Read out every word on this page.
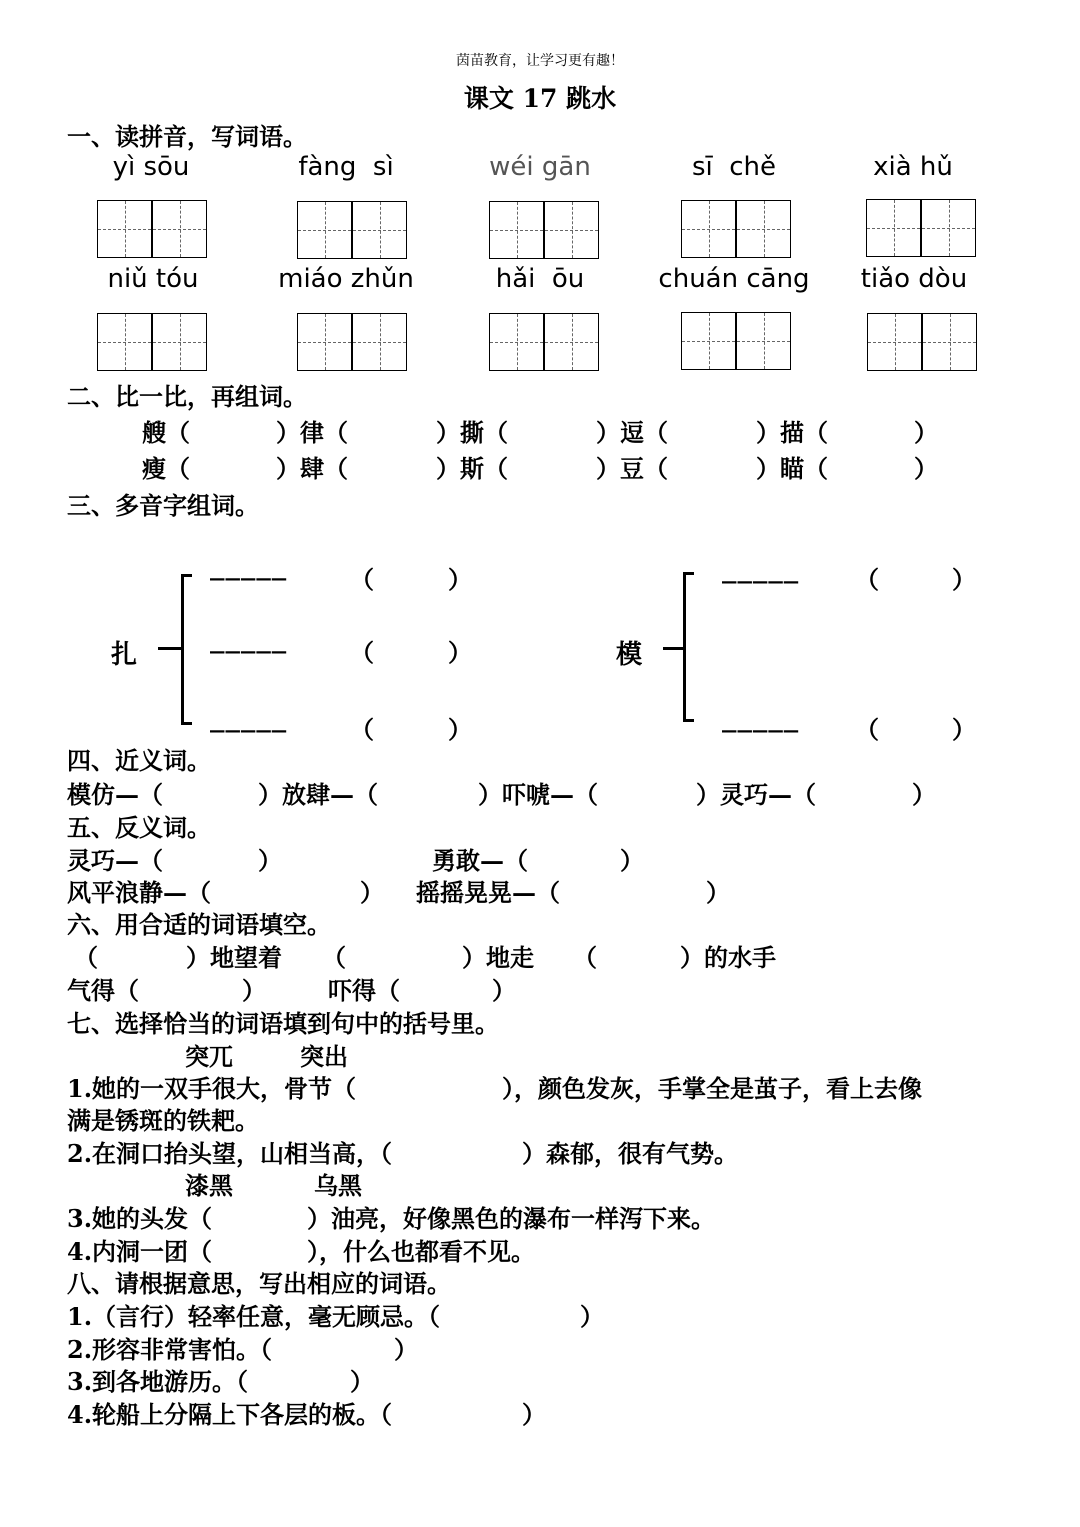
茵苗教育，让学习更有趣！
课文 17 跳水
一、读拼音，写词语。
yì sōu	fàng  sì	wéi gān	sī  chě	xià hǔ
niǔ tóu	miáo zhǔn	hǎi  ōu	chuán cāng	tiǎo dòu
二、比一比，再组词。
艘（	）律（	）撕（	）逗（	）描（	）
瘦（	）肆（	）斯（	）豆（	）瞄（	）
三、多音字组词。
扎
_____	（	）
_____	（	）
_____	（	）
模
_____ （	）
_____ （	）
四、近义词。
模仿—（	）放肆—（	）吓唬—（	）灵巧—（	）
五、反义词。
灵巧—（	）	勇敢—（	）
风平浪静—（	） 摇摇晃晃—（	）
六、用合适的词语填空。
（	）地望着 （	）地走 （	）的水手
气得（	）	吓得（	）
七、选择恰当的词语填到句中的括号里。
突兀	突出
1.她的一双手很大，骨节（	），颜色发灰，手掌全是茧子，看上去像
满是锈斑的铁耙。
2.在洞口抬头望，山相当高，（	）森郁，很有气势。
漆黑	乌黑
3.她的头发（	）油亮，好像黑色的瀑布一样泻下来。
4.内洞一团（	），什么也都看不见。
八、请根据意思，写出相应的词语。
1.（言行）轻率任意，毫无顾忌。（	）
2.形容非常害怕。（	）
3.到各地游历。（	）
4.轮船上分隔上下各层的板。（	）
